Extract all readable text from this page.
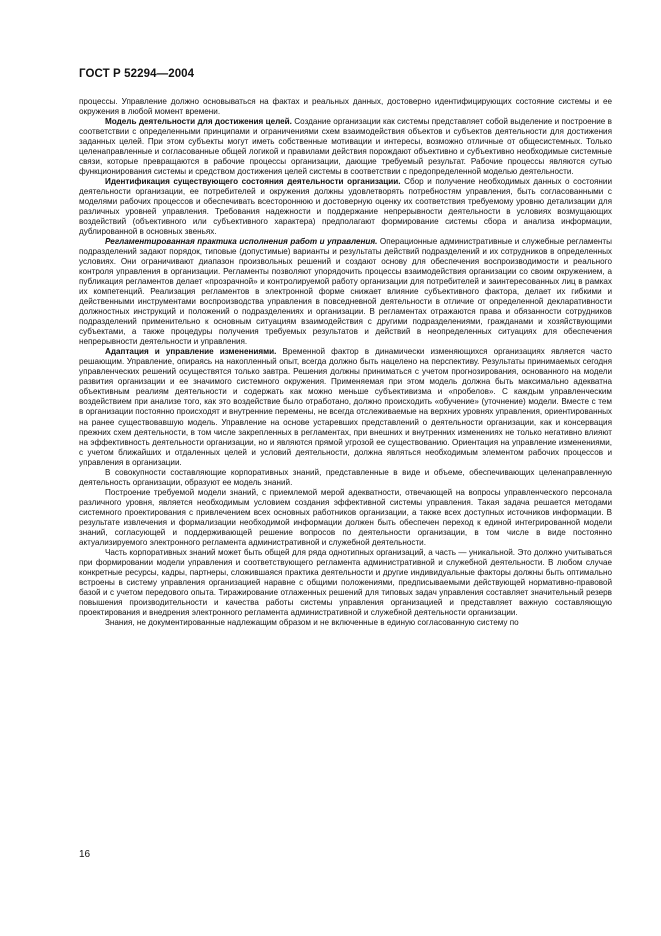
ГОСТ Р 52294—2004

процессы. Управление должно основываться на фактах и реальных данных, достоверно идентифицирующих состояние системы и ее окружения в любой момент времени.

Модель деятельности для достижения целей. Создание организации как системы представляет собой выделение и построение в соответствии с определенными принципами и ограничениями схем взаимодействия объектов и субъектов деятельности для достижения заданных целей. При этом субъекты могут иметь собственные мотивации и интересы, возможно отличные от общесистемных. Только целенаправленные и согласованные общей логикой и правилами действия порождают объективно и субъективно необходимые системные связи, которые превращаются в рабочие процессы организации, дающие требуемый результат. Рабочие процессы являются сутью функционирования системы и средством достижения целей системы в соответствии с предопределенной моделью деятельности.

Идентификация существующего состояния деятельности организации. Сбор и получение необходимых данных о состоянии деятельности организации, ее потребителей и окружения должны удовлетворять потребностям управления, быть согласованными с моделями рабочих процессов и обеспечивать всестороннюю и достоверную оценку их соответствия требуемому уровню детализации для различных уровней управления. Требования надежности и поддержание непрерывности деятельности в условиях возмущающих воздействий (объективного или субъективного характера) предполагают формирование системы сбора и анализа информации, дублированной в основных звеньях.

Регламентированная практика исполнения работ и управления. Операционные административные и служебные регламенты подразделений задают порядок, типовые (допустимые) варианты и результаты действий подразделений и их сотрудников в определенных условиях. Они ограничивают диапазон произвольных решений и создают основу для обеспечения воспроизводимости и реального контроля управления в организации. Регламенты позволяют упорядочить процессы взаимодействия организации со своим окружением, а публикация регламентов делает «прозрачной» и контролируемой работу организации для потребителей и заинтересованных лиц в рамках их компетенций. Реализация регламентов в электронной форме снижает влияние субъективного фактора, делает их гибкими и действенными инструментами воспроизводства управления в повседневной деятельности в отличие от определенной декларативности должностных инструкций и положений о подразделениях и организации. В регламентах отражаются права и обязанности сотрудников подразделений применительно к основным ситуациям взаимодействия с другими подразделениями, гражданами и хозяйствующими субъектами, а также процедуры получения требуемых результатов и действий в неопределенных ситуациях для обеспечения непрерывности деятельности и управления.

Адаптация и управление изменениями. Временной фактор в динамически изменяющихся организациях является часто решающим. Управление, опираясь на накопленный опыт, всегда должно быть нацелено на перспективу. Результаты принимаемых сегодня управленческих решений осуществятся только завтра. Решения должны приниматься с учетом прогнозирования, основанного на модели развития организации и ее значимого системного окружения. Применяемая при этом модель должна быть максимально адекватна объективным реалиям деятельности и содержать как можно меньше субъективизма и «пробелов». С каждым управленческим воздействием при анализе того, как это воздействие было отработано, должно происходить «обучение» (уточнение) модели. Вместе с тем в организации постоянно происходят и внутренние перемены, не всегда отслеживаемые на верхних уровнях управления, ориентированных на ранее существовавшую модель. Управление на основе устаревших представлений о деятельности организации, как и консервация прежних схем деятельности, в том числе закрепленных в регламентах, при внешних и внутренних изменениях не только негативно влияют на эффективность деятельности организации, но и являются прямой угрозой ее существованию. Ориентация на управление изменениями, с учетом ближайших и отдаленных целей и условий деятельности, должна являться необходимым элементом рабочих процессов и управления в организации.

В совокупности составляющие корпоративных знаний, представленные в виде и объеме, обеспечивающих целенаправленную деятельность организации, образуют ее модель знаний.

Построение требуемой модели знаний, с приемлемой мерой адекватности, отвечающей на вопросы управленческого персонала различного уровня, является необходимым условием создания эффективной системы управления. Такая задача решается методами системного проектирования с привлечением всех основных работников организации, а также всех доступных источников информации. В результате извлечения и формализации необходимой информации должен быть обеспечен переход к единой интегрированной модели знаний, согласующей и поддерживающей решение вопросов по деятельности организации, в том числе в виде постоянно актуализируемого электронного регламента административной и служебной деятельности.

Часть корпоративных знаний может быть общей для ряда однотипных организаций, а часть — уникальной. Это должно учитываться при формировании модели управления и соответствующего регламента административной и служебной деятельности. В любом случае конкретные ресурсы, кадры, партнеры, сложившаяся практика деятельности и другие индивидуальные факторы должны быть оптимально встроены в систему управления организацией наравне с общими положениями, предписываемыми действующей нормативно-правовой базой и с учетом передового опыта. Тиражирование отлаженных решений для типовых задач управления составляет значительный резерв повышения производительности и качества работы системы управления организацией и представляет важную составляющую проектирования и внедрения электронного регламента административной и служебной деятельности организации.

Знания, не документированные надлежащим образом и не включенные в единую согласованную систему по

16
